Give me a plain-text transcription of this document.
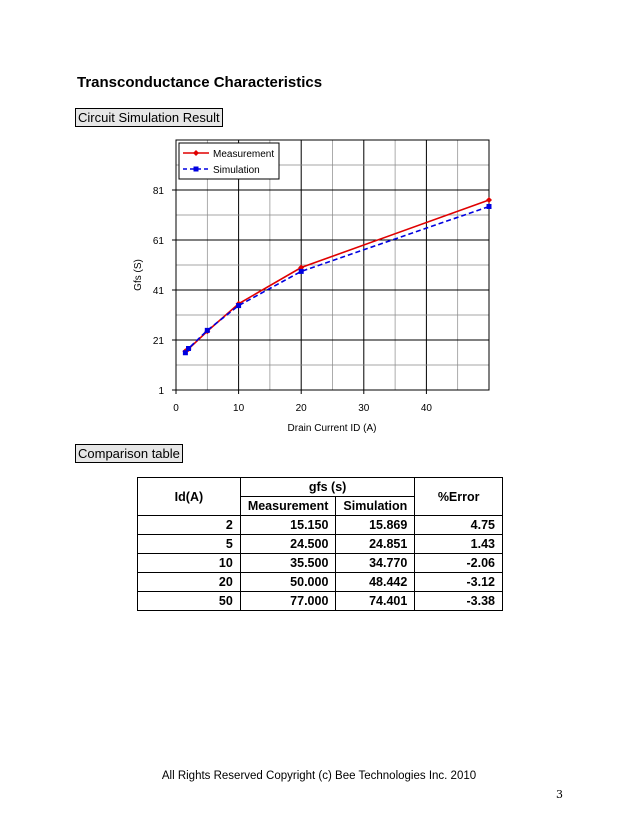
Transconductance Characteristics
Circuit Simulation Result
0	10	20	30	40
1
21
41
61
81
Measurement
Simulation
Drain Current ID (A)
Gfs (S)
Comparison table
Id(A)	gfs (s)		%Error
	Measurement	Simulation	
2	15.150	15.869	4.75
5	24.500	24.851	1.43
10	35.500	34.770	-2.06
20	50.000	48.442	-3.12
50	77.000	74.401	-3.38
All Rights Reserved Copyright (c) Bee Technologies Inc. 2010
3
